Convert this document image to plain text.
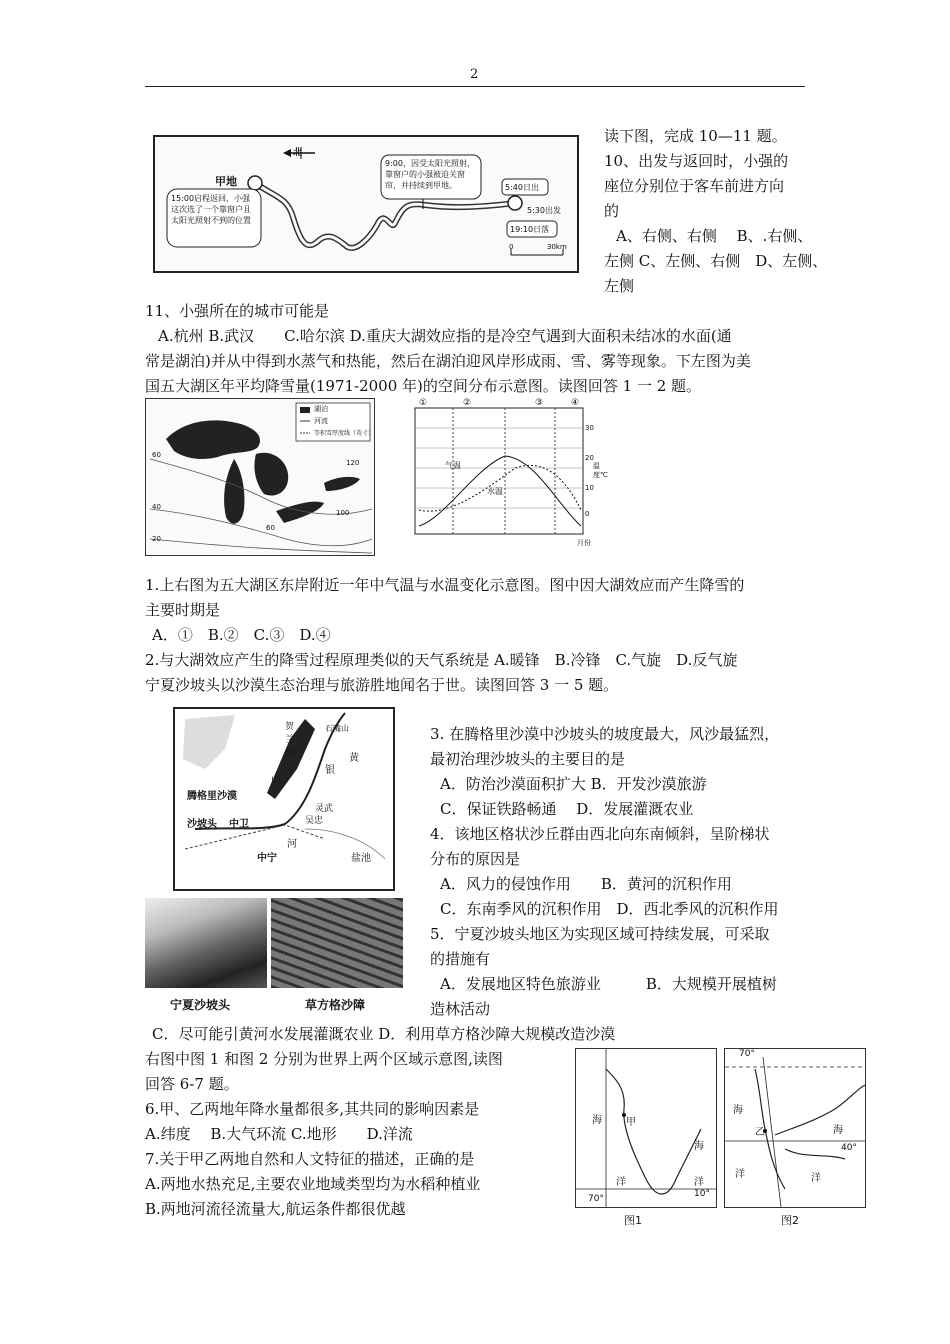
2
北
甲地
15:00启程返回，小强这次选了一个靠窗户且太阳光照射不到的位置
9:00，因受太阳光照射，靠窗户的小强被迫关窗帘，并持续到甲地。	5:40日出
5:30出发
19:10日落
0	30km
读下图，完成 10—11 题。
10、出发与返回时，小强的
座位分别位于客车前进方向
的
A、右侧、右侧　 B、.右侧、
左侧 C、左侧、右侧　D、左侧、
左侧
11、小强所在的城市可能是
A.杭州 B.武汉　　C.哈尔滨 D.重庆大湖效应指的是冷空气遇到大面积未结冰的水面(通
常是湖泊)并从中得到水蒸气和热能，然后在湖泊迎风岸形成雨、雪、雾等现象。下左图为美
国五大湖区年平均降雪量(1971-2000 年)的空间分布示意图。读图回答 1 一 2 题。
湖泊
河流
等积雪厚度线（英寸）
60
40
20
100
120
60
①	②	③	④
气温
水温
30
20
10
0
温度℃
月份
1.上右图为五大湖区东岸附近一年中气温与水温变化示意图。图中因大湖效应而产生降雪的
主要时期是
A．①　B.②　C.③　D.④
2.与大湖效应产生的降雪过程原理类似的天气系统是 A.暖锋　B.冷锋　C.气旋　D.反气旋
宁夏沙坡头以沙漠生态治理与旅游胜地闻名于世。读图回答 3 一 5 题。
腾格里沙漠
沙坡头 中卫
中宁
河
贺兰山
山
石嘴山
银
黄
灵武
吴忠
盐池
宁夏沙坡头	草方格沙障
3. 在腾格里沙漠中沙坡头的坡度最大，风沙最猛烈，
最初治理沙坡头的主要目的是
A．防治沙漠面积扩大 B．开发沙漠旅游
C．保证铁路畅通　 D．发展灌溉农业
4．该地区格状沙丘群由西北向东南倾斜，呈阶梯状
分布的原因是
A．风力的侵蚀作用　　B．黄河的沉积作用
C．东南季风的沉积作用　D．西北季风的沉积作用
5．宁夏沙坡头地区为实现区域可持续发展，可采取
的措施有
A．发展地区特色旅游业　　　B．大规模开展植树
造林活动
C．尽可能引黄河水发展灌溉农业 D．利用草方格沙障大规模改造沙漠
右图中图 1 和图 2 分别为世界上两个区域示意图,读图
回答 6-7 题。
6.甲、乙两地年降水量都很多,其共同的影响因素是
A.纬度　 B.大气环流 C.地形　　D.洋流
7.关于甲乙两地自然和人文特征的描述，正确的是
A.两地水热充足,主要农业地域类型均为水稻种植业
B.两地河流径流量大,航运条件都很优越
海 甲
海
洋	洋
70°	10°
图1
70°
海
乙	海
40°
洋	洋
图2
